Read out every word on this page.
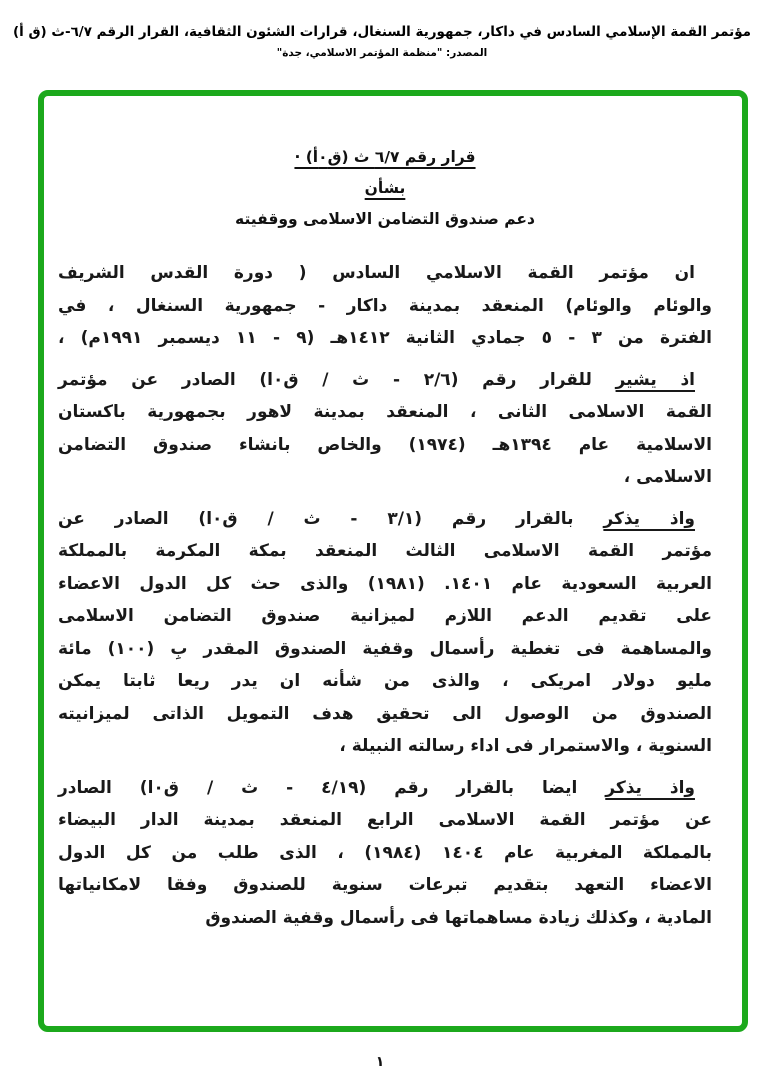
مؤتمر القمة الإسلامي السادس في داكار، جمهورية السنغال، قرارات الشئون الثقافية، القرار الرقم ٦/٧-ث (ق أ)
المصدر: "منظمة المؤتمر الاسلامي، جدة"
قرار رقم ٦/٧ ث (ق٠أ) ·
بشأن
دعم صندوق التضامن الاسلامى ووقفيته
ان مؤتمر القمة الاسلامي السادس ( دورة القدس الشريف
والوئام والوئام) المنعقد بمدينة داكار - جمهورية السنغال ، في
الفترة من ٣ - ٥ جمادي الثانية ١٤١٢هـ (٩ - ١١ ديسمبر ١٩٩١م) ،
اذ يشير للقرار رقم (٢/٦ - ث / ق٠ا) الصادر عن مؤتمر
القمة الاسلامى الثانى ، المنعقد بمدينة لاهور بجمهورية باكستان
الاسلامية عام ١٣٩٤هـ (١٩٧٤) والخاص بانشاء صندوق التضامن
الاسلامى ،
واذ يذكر بالقرار رقم (٣/١ - ث / ق٠ا) الصادر عن
مؤتمر القمة الاسلامى الثالث المنعقد بمكة المكرمة بالمملكة
العربية السعودية عام ١٤٠١. (١٩٨١) والذى حث كل الدول الاعضاء
على تقديم الدعم اللازم لميزانية صندوق التضامن الاسلامى
والمساهمة فى تغطية رأسمال وقفية الصندوق المقدر بِ (١٠٠) مائة
مليو دولار امريكى ، والذى من شأنه ان يدر ريعا ثابتا يمكن
الصندوق من الوصول الى تحقيق هدف التمويل الذاتى لميزانيته
السنوية ، والاستمرار فى اداء رسالته النبيلة ،
واذ يذكر ايضا بالقرار رقم (٤/١٩ - ث / ق٠ا) الصادر
عن مؤتمر القمة الاسلامى الرابع المنعقد بمدينة الدار البيضاء
بالمملكة المغربية عام ١٤٠٤ (١٩٨٤) ، الذى طلب من كل الدول
الاعضاء التعهد بتقديم تبرعات سنوية للصندوق وفقا لامكانياتها
المادية ، وكذلك زيادة مساهماتها فى رأسمال وقفية الصندوق
١
